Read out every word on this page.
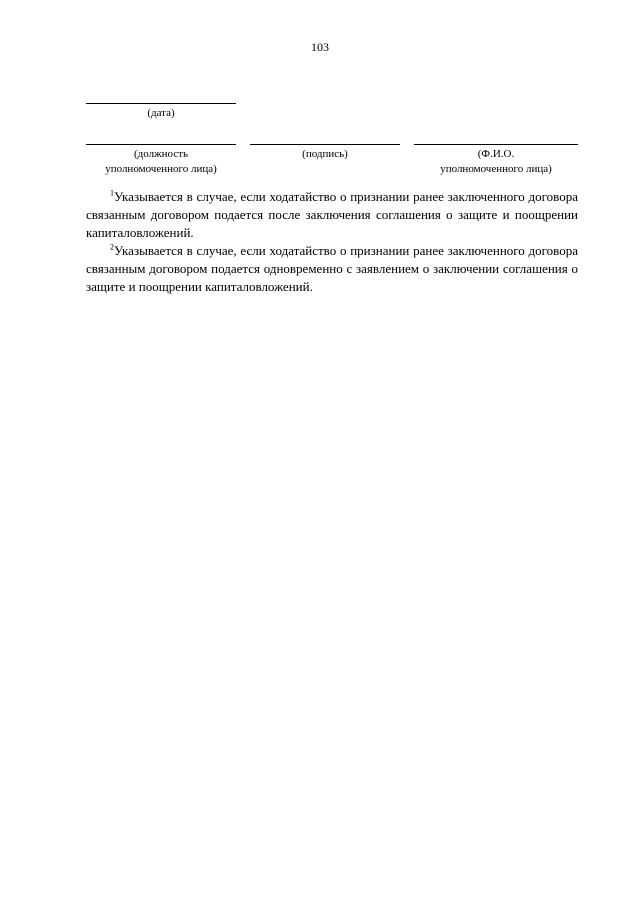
103
(дата)
(должность
уполномоченного лица)
(подпись)	(Ф.И.О.
уполномоченного лица)

$^1$Указывается в случае, если ходатайство о признании ранее заключенного договора связанным договором подается после заключения соглашения о защите и поощрении капиталовложений.

$^2$Указывается в случае, если ходатайство о признании ранее заключенного договора связанным договором подается одновременно с заявлением о заключении соглашения о защите и поощрении капиталовложений.
